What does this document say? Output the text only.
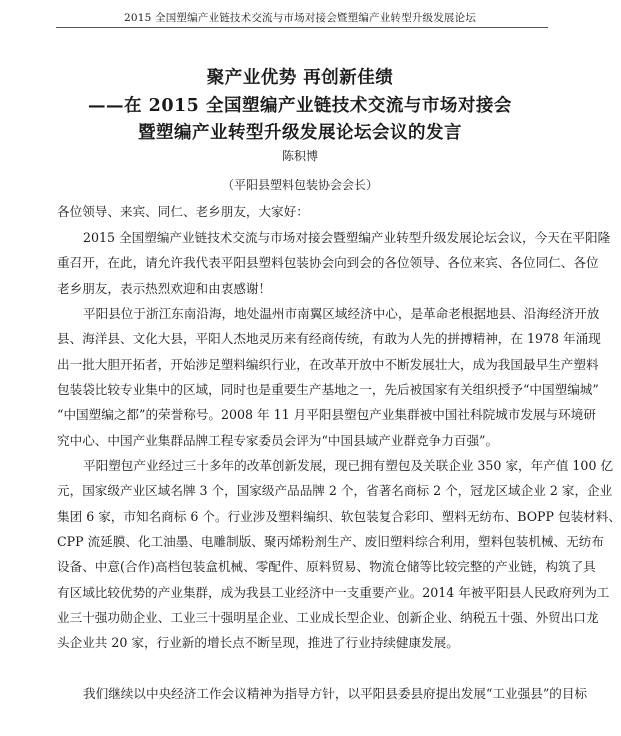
2015 全国塑编产业链技术交流与市场对接会暨塑编产业转型升级发展论坛
聚产业优势 再创新佳绩
——在 2015 全国塑编产业链技术交流与市场对接会
暨塑编产业转型升级发展论坛会议的发言
陈积博
（平阳县塑料包装协会会长）
各位领导、来宾、同仁、老乡朋友，大家好：
2015 全国塑编产业链技术交流与市场对接会暨塑编产业转型升级发展论坛会议，今天在平阳隆
重召开，在此，请允许我代表平阳县塑料包装协会向到会的各位领导、各位来宾、各位同仁、各位
老乡朋友，表示热烈欢迎和由衷感谢！
平阳县位于浙江东南沿海，地处温州市南翼区域经济中心，是革命老根据地县、沿海经济开放
县、海洋县、文化大县，平阳人杰地灵历来有经商传统，有敢为人先的拼搏精神，在 1978 年涌现
出一批大胆开拓者，开始涉足塑料编织行业，在改革开放中不断发展壮大，成为我国最早生产塑料
包装袋比较专业集中的区域，同时也是重要生产基地之一，先后被国家有关组织授予“中国塑编城”
“中国塑编之都”的荣誉称号。2008 年 11 月平阳县塑包产业集群被中国社科院城市发展与环境研
究中心、中国产业集群品牌工程专家委员会评为“中国县域产业群竞争力百强”。
平阳塑包产业经过三十多年的改革创新发展，现已拥有塑包及关联企业 350 家，年产值 100 亿
元，国家级产业区域名牌 3 个，国家级产品品牌 2 个，省著名商标 2 个，冠龙区域企业 2 家，企业
集团 6 家，市知名商标 6 个。行业涉及塑料编织、软包装复合彩印、塑料无纺布、BOPP 包装材料、
CPP 流延膜、化工油墨、电雕制版、聚丙烯粉剂生产、废旧塑料综合利用，塑料包装机械、无纺布
设备、中意(合作)高档包装盒机械、零配件、原料贸易、物流仓储等比较完整的产业链，构筑了具
有区域比较优势的产业集群，成为我县工业经济中一支重要产业。2014 年被平阳县人民政府列为工
业三十强功勋企业、工业三十强明星企业、工业成长型企业、创新企业、纳税五十强、外贸出口龙
头企业共 20 家，行业新的增长点不断呈现，推进了行业持续健康发展。
我们继续以中央经济工作会议精神为指导方针，以平阳县委县府提出发展“工业强县”的目标
